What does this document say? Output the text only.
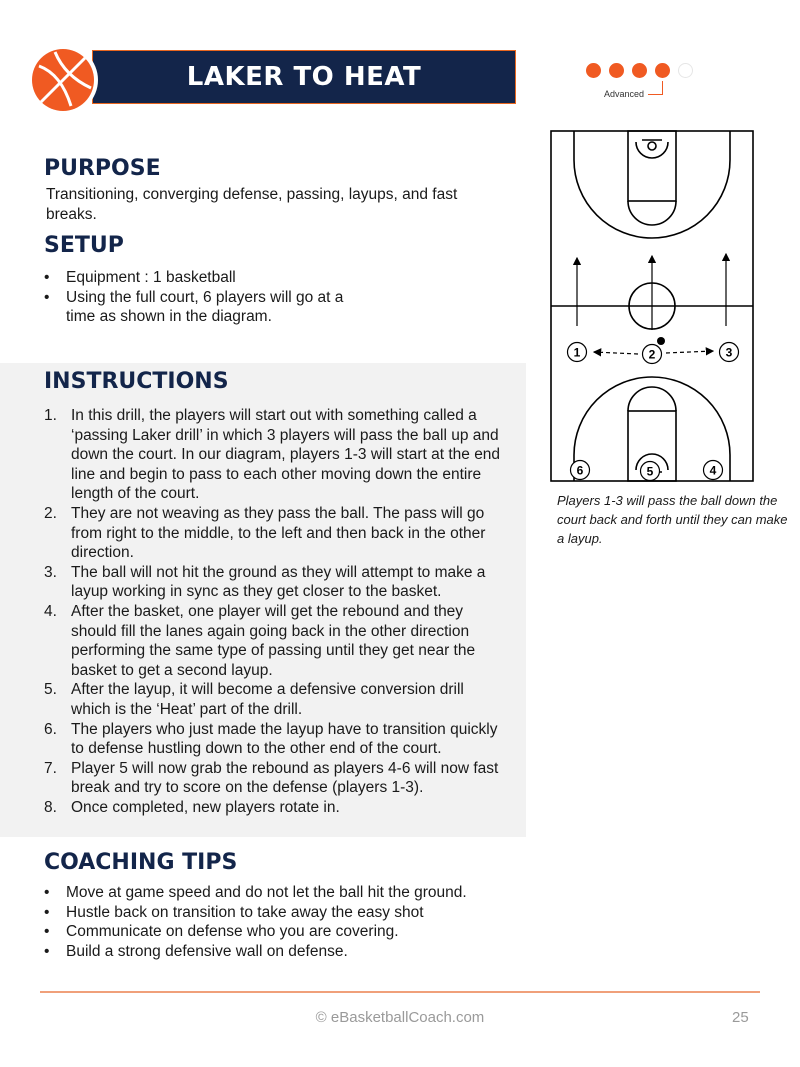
LAKER TO HEAT
Advanced
PURPOSE
Transitioning, converging defense, passing, layups, and fast breaks.
SETUP
• Equipment : 1 basketball
• Using the full court, 6 players will go at a time as shown in the diagram.
INSTRUCTIONS
1. In this drill, the players will start out with something called a ‘passing Laker drill’ in which 3 players will pass the ball up and down the court. In our diagram, players 1-3 will start at the end line and begin to pass to each other moving down the entire length of the court.
2. They are not weaving as they pass the ball. The pass will go from right to the middle, to the left and then back in the other direction.
3. The ball will not hit the ground as they will attempt to make a layup working in sync as they get closer to the basket.
4. After the basket, one player will get the rebound and they should fill the lanes again going back in the other direction performing the same type of passing until they get near the basket to get a second layup.
5. After the layup, it will become a defensive conversion drill which is the ‘Heat’ part of the drill.
6. The players who just made the layup have to transition quickly to defense hustling down to the other end of the court.
7. Player 5 will now grab the rebound as players 4-6 will now fast break and try to score on the defense (players 1-3).
8. Once completed, new players rotate in.
COACHING TIPS
• Move at game speed and do not let the ball hit the ground.
• Hustle back on transition to take away the easy shot
• Communicate on defense who you are covering.
• Build a strong defensive wall on defense.
1	2	3
6	5	4
Players 1-3 will pass the ball down the court back and forth until they can make a layup.
© eBasketballCoach.com	25
